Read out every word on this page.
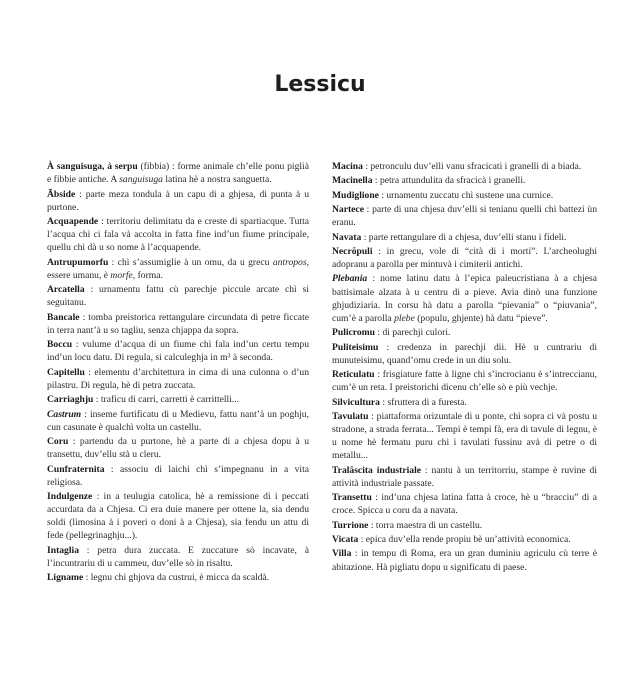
Lessicu

À sanguisuga, à serpu (fibbia) : forme animale ch’elle ponu piglià e fibbie antiche. A sanguisuga latina hè a nostra sanguetta.

Ãbside : parte meza tondula à un capu di a ghjesa, di punta à u purtone.

Acquapende : territoriu delimitatu da e creste di spartiacque. Tutta l’acqua chì ci fala và accolta in fatta fine ind’un fiume principale, quellu chì dà u so nome à l’acquapende.

Antrupumorfu : chì s’assumiglie à un omu, da u grecu antropos, essere umanu, è morfe, forma.

Arcatella : urnamentu fattu cù parechje piccule arcate chì si seguitanu.

Bancale : tomba preistorica rettangulare circundata di petre ficcate in terra nant’à u so tagliu, senza chjappa da sopra.

Boccu : vulume d’acqua di un fiume chì fala ind’un certu tempu ind’un locu datu. Di regula, si calculeghja in m³ à seconda.

Capitellu : elementu d’architettura in cima di una culonna o d’un pilastru. Di regula, hè di petra zuccata.

Carriaghju : traficu di carri, carretti è carrittelli...

Castrum : inseme furtificatu di u Medievu, fattu nant’à un poghju, cun casunate è qualchì volta un castellu.

Coru : partendu da u purtone, hè a parte di a chjesa dopu à u transettu, duv’ellu stà u cleru.

Cunfraternita : associu di laichi chì s’impegnanu in a vita religiosa.

Indulgenze : in a teulugia catolica, hè a remissione di i peccati accurdata da a Chjesa. Ci era duie manere per ottene la, sia dendu soldi (limosina à i poveri o doni à a Chjesa), sia fendu un attu di fede (pellegrinaghju...).

Intaglia : petra dura zuccata. E zuccature sò incavate, à l’incuntrariu di u cammeu, duv’elle sò in risaltu.

Ligname : legnu chì ghjova da custrui, è micca da scaldà.

Macina : petronculu duv’elli vanu sfracicati i granelli di a biada.

Macinella : petra attundulita da sfracicà i granelli.

Mudiglione : urnamentu zuccatu chì sustene una curnice.

Nartece : parte di una chjesa duv’elli si tenianu quelli chì battezi ùn eranu.

Navata : parte rettangulare di a chjesa, duv’elli stanu i fideli.

Necrõpuli : in grecu, vole di “cità di i morti”. L’archeolughi adopranu a parolla per mintuvà i cimiterii antichi.

Plebania : nome latinu datu à l’epica paleucristiana à a chjesa battisimale alzata à u centru di a pieve. Avia dinò una funzione ghjudiziaria. In corsu hà datu a parolla “pievania” o “piuvania”, cum’è a parolla plebe (populu, ghjente) hà datu “pieve”.

Pulicromu : di parechji culori.

Puliteisimu : credenza in parechji dii. Hè u cuntrariu di munuteisimu, quand’omu crede in un diu solu.

Reticulatu : frisgiature fatte à ligne chì s’incrocianu è s’intreccianu, cum’è un reta. I preistorichi dicenu ch’elle sò e più vechje.

Silvicultura : sfruttera di a furesta.

Tavulatu : piattaforma orizuntale di u ponte, chì sopra ci và postu u stradone, a strada ferrata... Tempi è tempi fà, era di tavule di legnu, è u nome hè fermatu puru chì i tavulati fussinu avà di petre o di metallu...

Tralãscita industriale : nantu à un territorriu, stampe è ruvine di attività industriale passate.

Transettu : ind’una chjesa latina fatta à croce, hè u “bracciu” di a croce. Spicca u coru da a navata.

Turrione : torra maestra di un castellu.

Vicata : epica duv’ella rende propiu bè un’attività economica.

Villa : in tempu di Roma, era un gran duminiu agriculu cù terre è abitazione. Hà pigliatu dopu u significatu di paese.
